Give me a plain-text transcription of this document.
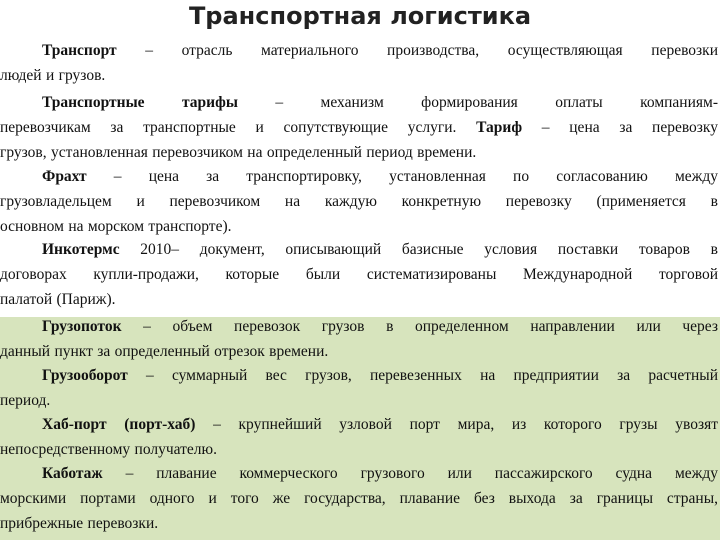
Транспортная логистика
Транспорт – отрасль материального производства, осуществляющая перевозки
людей и грузов.
Транспортные тарифы – механизм формирования оплаты компаниям-
перевозчикам за транспортные и сопутствующие услуги. Тариф – цена за перевозку
грузов, установленная перевозчиком на определенный период времени.
Фрахт – цена за транспортировку, установленная по согласованию между
грузовладельцем и перевозчиком на каждую конкретную перевозку (применяется в
основном на морском транспорте).
Инкотермс 2010– документ, описывающий базисные условия поставки товаров в
договорах купли-продажи, которые были систематизированы Международной торговой
палатой (Париж).
Грузопоток – объем перевозок грузов в определенном направлении или через
данный пункт за определенный отрезок времени.
Грузооборот – суммарный вес грузов, перевезенных на предприятии за расчетный
период.
Хаб-порт (порт-хаб) – крупнейший узловой порт мира, из которого грузы увозят
непосредственному получателю.
Каботаж – плавание коммерческого грузового или пассажирского судна между
морскими портами одного и того же государства, плавание без выхода за границы страны,
прибрежные перевозки.
